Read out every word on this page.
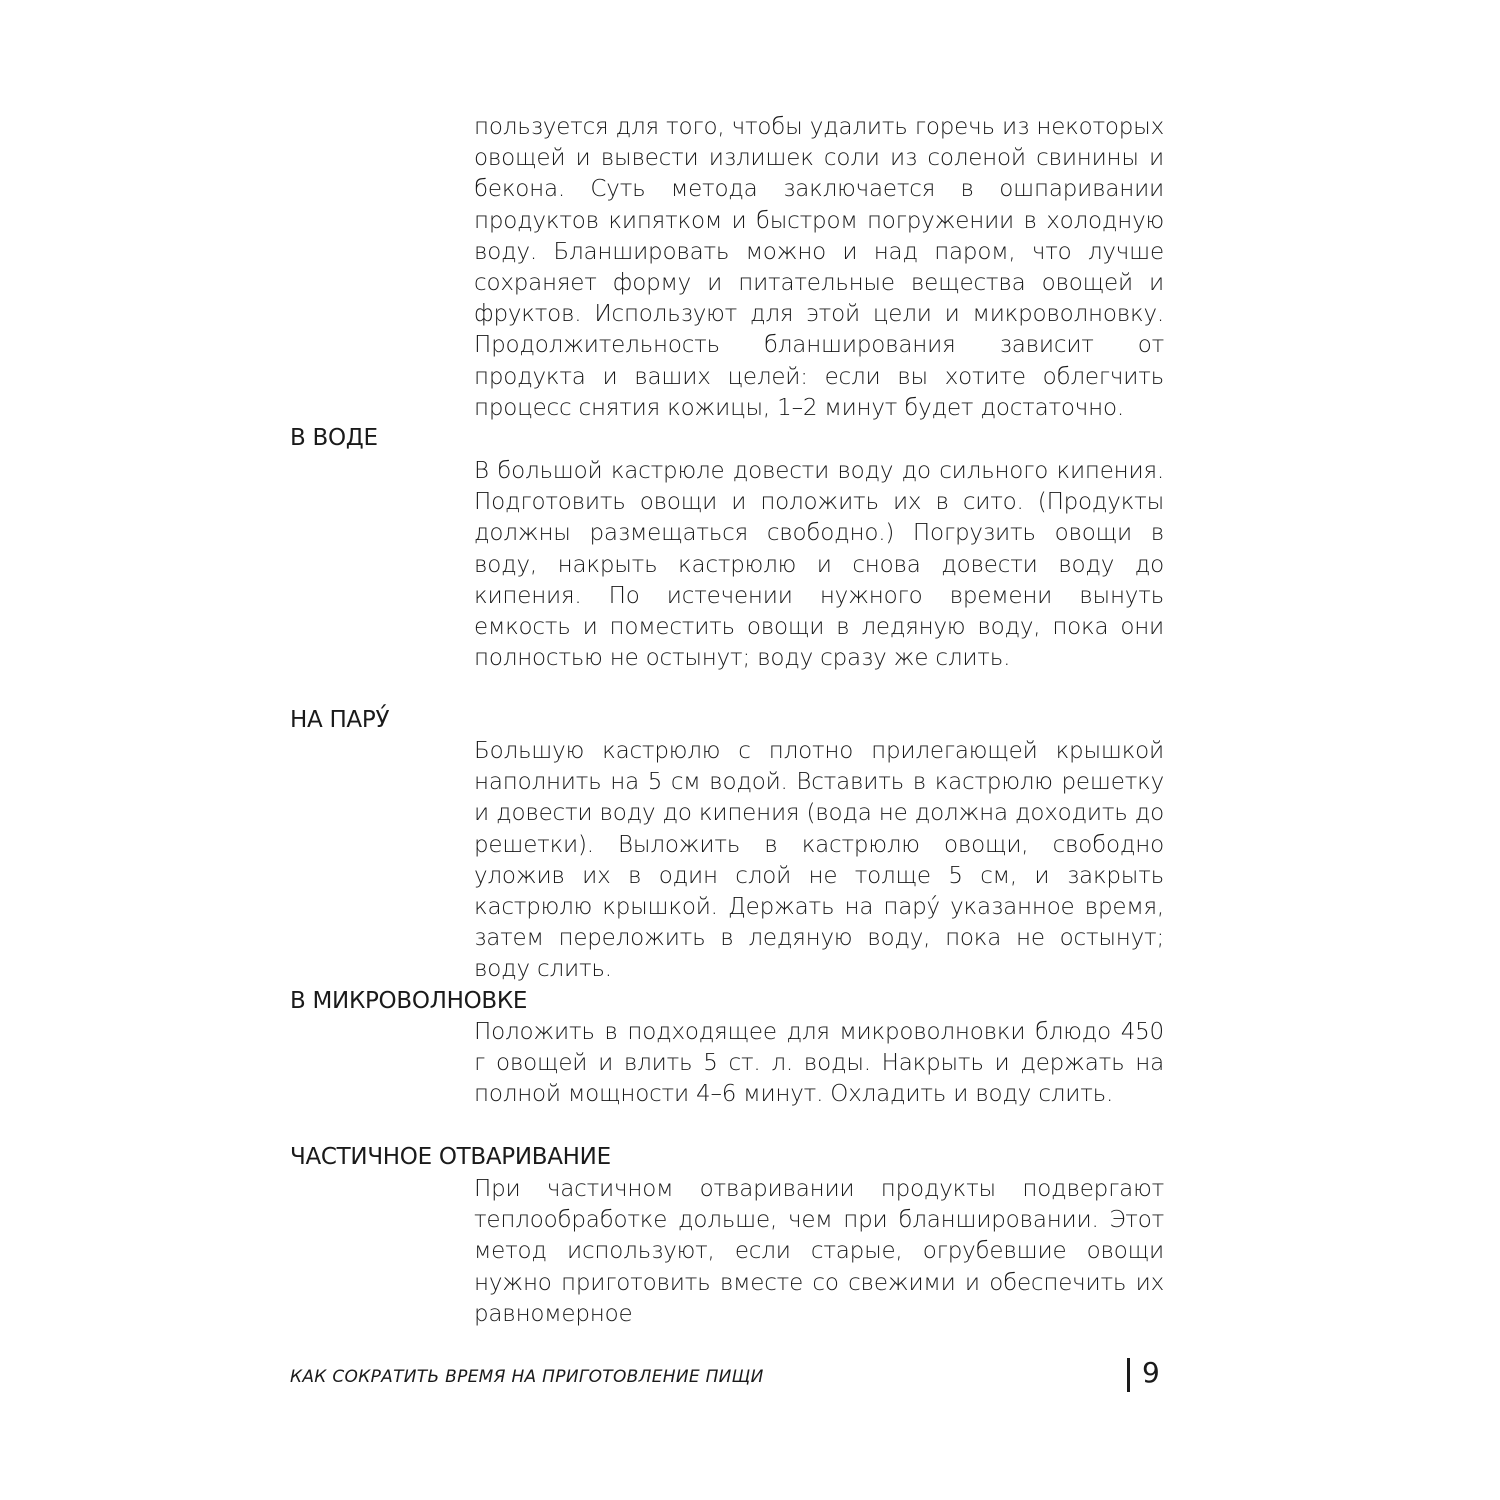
пользуется для того, чтобы удалить горечь из некоторых овощей и вывести излишек соли из соленой свинины и бекона. Суть метода заключается в ошпаривании продуктов кипятком и быстром погружении в холодную воду. Бланшировать можно и над паром, что лучше сохраняет форму и питательные вещества овощей и фруктов. Используют для этой цели и микроволновку. Продолжительность бланширования зависит от продукта и ваших целей: если вы хотите облегчить процесс снятия кожицы, 1–2 минут будет достаточно.

В ВОДЕ

В большой кастрюле довести воду до сильного кипения. Подготовить овощи и положить их в сито. (Продукты должны размещаться свободно.) Погрузить овощи в воду, накрыть кастрюлю и снова довести воду до кипения. По истечении нужного времени вынуть емкость и поместить овощи в ледяную воду, пока они полностью не остынут; воду сразу же слить.

НА ПАРУ́

Большую кастрюлю с плотно прилегающей крышкой наполнить на 5 см водой. Вставить в кастрюлю решетку и довести воду до кипения (вода не должна доходить до решетки). Выложить в кастрюлю овощи, свободно уложив их в один слой не толще 5 см, и закрыть кастрюлю крышкой. Держать на пару́ указанное время, затем переложить в ледяную воду, пока не остынут; воду слить.

В МИКРОВОЛНОВКЕ

Положить в подходящее для микроволновки блюдо 450 г овощей и влить 5 ст. л. воды. Накрыть и держать на полной мощности 4–6 минут. Охладить и воду слить.

ЧАСТИЧНОЕ ОТВАРИВАНИЕ

При частичном отваривании продукты подвергают теплообработке дольше, чем при бланшировании. Этот метод используют, если старые, огрубевшие овощи нужно приготовить вместе со свежими и обеспечить их равномерное

КАК СОКРАТИТЬ ВРЕМЯ НА ПРИГОТОВЛЕНИЕ ПИЩИ	9
